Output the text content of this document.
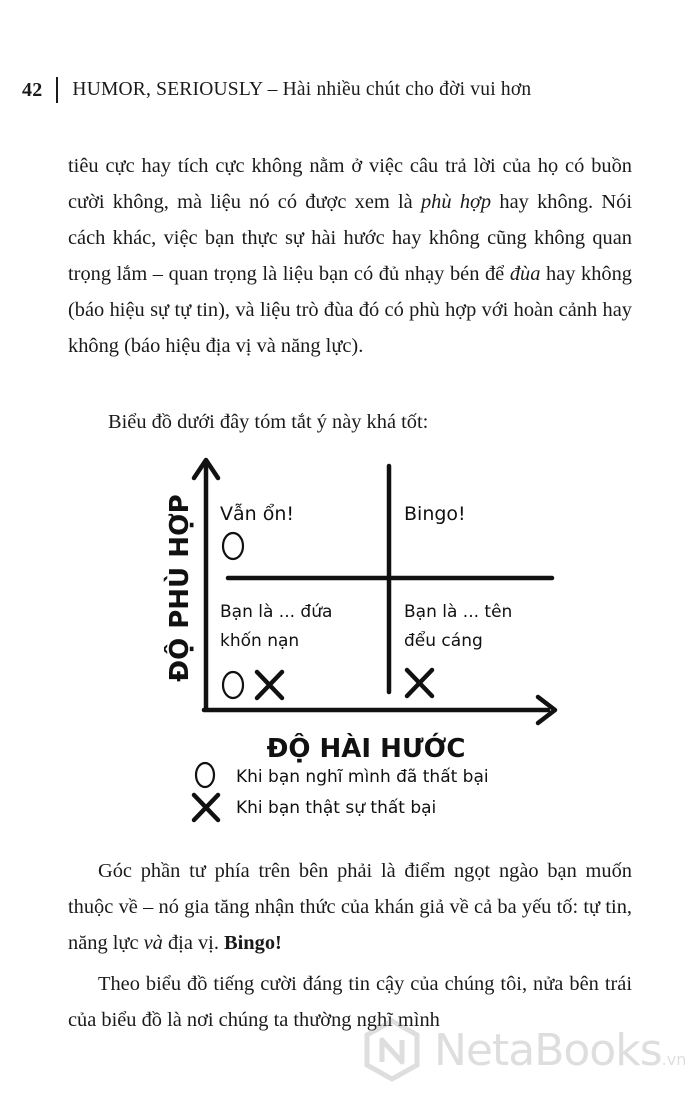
42 HUMOR, SERIOUSLY – Hài nhiều chút cho đời vui hơn

tiêu cực hay tích cực không nằm ở việc câu trả lời của họ có buồn cười không, mà liệu nó có được xem là phù hợp hay không. Nói cách khác, việc bạn thực sự hài hước hay không cũng không quan trọng lắm – quan trọng là liệu bạn có đủ nhạy bén để đùa hay không (báo hiệu sự tự tin), và liệu trò đùa đó có phù hợp với hoàn cảnh hay không (báo hiệu địa vị và năng lực).

Biểu đồ dưới đây tóm tắt ý này khá tốt:

ĐỘ PHÙ HỢP Vẫn ổn!	Bingo!
Bạn là ... đứa
khốn nạn
Bạn là ... tên
đểu cáng
ĐỘ HÀI HƯỚC
Khi bạn nghĩ mình đã thất bại
Khi bạn thật sự thất bại

Góc phần tư phía trên bên phải là điểm ngọt ngào bạn muốn thuộc về – nó gia tăng nhận thức của khán giả về cả ba yếu tố: tự tin, năng lực và địa vị. Bingo!

Theo biểu đồ tiếng cười đáng tin cậy của chúng tôi, nửa bên trái của biểu đồ là nơi chúng ta thường nghĩ mình

NetaBooks.vn
